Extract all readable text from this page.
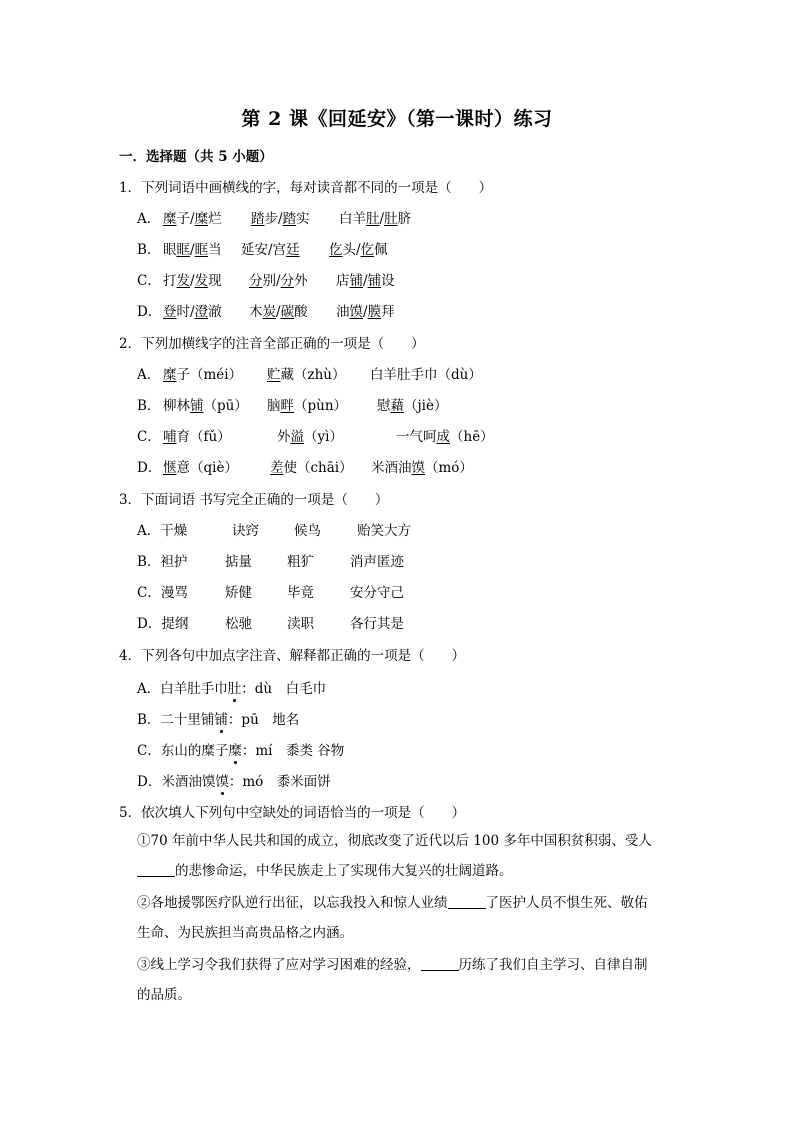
第 2 课《回延安》（第一课时）练习
一．选择题（共 5 小题）
1．下列词语中画横线的字，每对读音都不同的一项是（　　）
A． 糜子/糜烂 踏步/踏实 白羊肚/肚脐
B． 眼眶/眶当 延安/宫廷 仡头/仡佩
C． 打发/发现 分别/分外 店铺/铺设
D． 登时/澄澈 木炭/碳酸 油馍/膜拜
2．下列加横线字的注音全部正确的一项是（　　）
A． 糜子（méi） 贮藏（zhù） 白羊肚手巾（dù）
B． 柳林铺（pū） 脑畔（pùn） 慰藉（jiè）
C． 哺育（fǔ）	外溢（yì）	一气呵成（hē）
D． 惬意（qiè） 差使（chāi） 米酒油馍（mó）
3．下面词语 书写完全正确的一项是（　　）
A．干燥	诀窍	候鸟	贻笑大方
B．袒护	掂量	粗犷	消声匿迹
C．漫骂	矫健	毕竟	安分守己
D．提纲	松驰	渎职	各行其是
4．下列各句中加点字注音、解释都正确的一项是（　　）
A．白羊肚手巾肚：dù　白毛巾
B．二十里铺铺：pū　地名
C．东山的糜子糜：mí　黍类 谷物
D．米酒油馍馍：mó　黍米面饼
5．依次填人下列句中空缺处的词语恰当的一项是（　　）
①70 年前中华人民共和国的成立，彻底改变了近代以后 100 多年中国积贫积弱、受人
的悲惨命运，中华民族走上了实现伟大复兴的壮阔道路。
②各地援鄂医疗队逆行出征，以忘我投入和惊人业绩	了医护人员不惧生死、敬佑
生命、为民族担当高贵品格之内涵。
③线上学习令我们获得了应对学习困难的经验，	历练了我们自主学习、自律自制
的品质。
